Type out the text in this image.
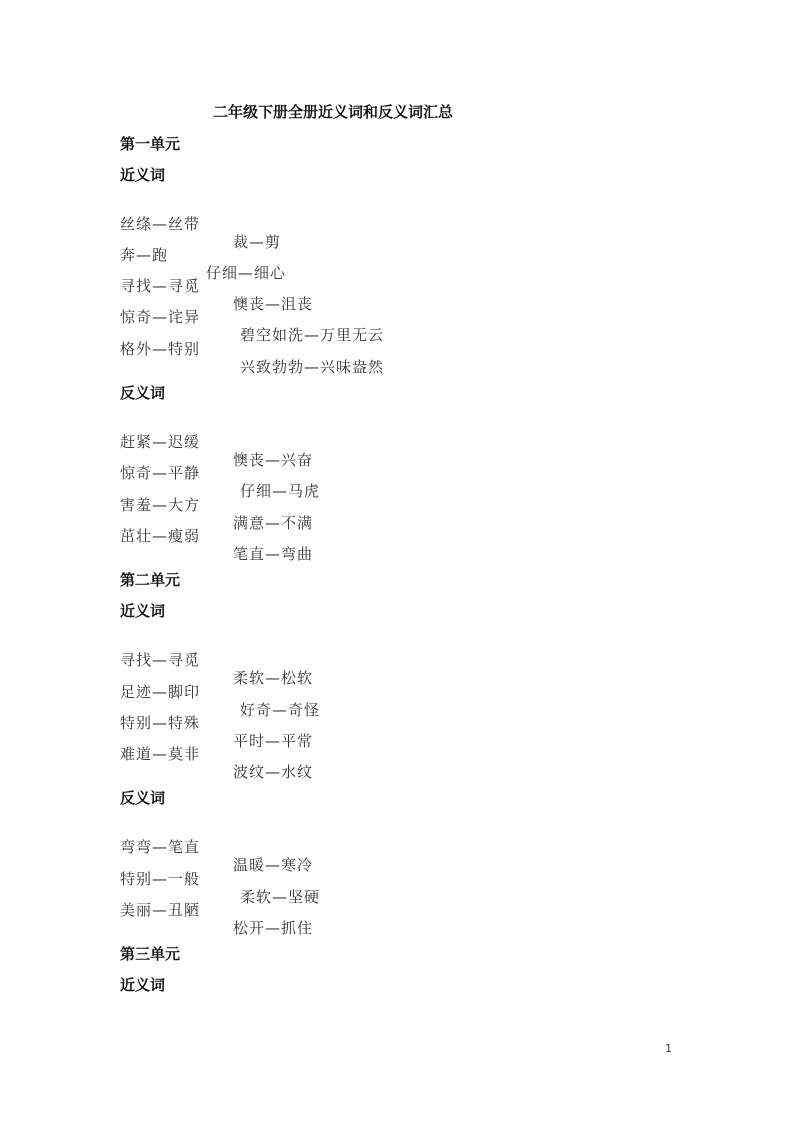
二年级下册全册近义词和反义词汇总
第一单元
近义词

丝绦—丝带

裁—剪

奔—跑

仔细—细心

寻找—寻觅

懊丧—沮丧

惊奇—诧异

碧空如洗—万里无云

格外—特别

兴致勃勃—兴味盎然

反义词

赶紧—迟缓

懊丧—兴奋

惊奇—平静

仔细—马虎

害羞—大方

满意—不满

茁壮—瘦弱

笔直—弯曲

第二单元
近义词

寻找—寻觅

柔软—松软

足迹—脚印

好奇—奇怪

特别—特殊

平时—平常

难道—莫非

波纹—水纹

反义词

弯弯—笔直

温暖—寒冷

特别—一般

柔软—坚硬

美丽—丑陋

松开—抓住

第三单元
近义词
1
